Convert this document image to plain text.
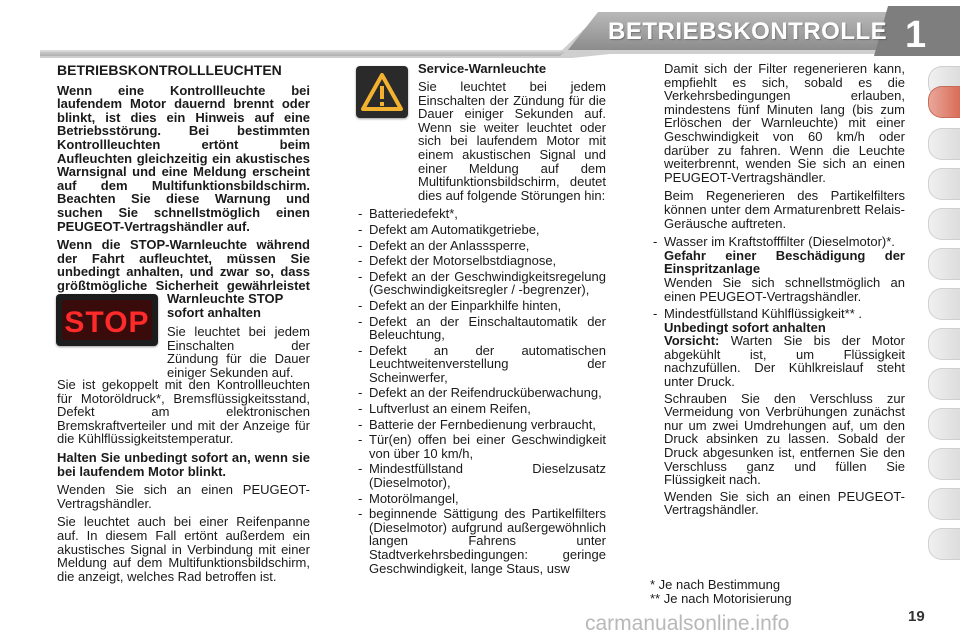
BETRIEBSKONTROLLE 1
BETRIEBSKONTROLLLEUCHTEN

Wenn eine Kontrollleuchte bei laufendem Motor dauernd brennt oder blinkt, ist dies ein Hinweis auf eine Betriebsstörung. Bei bestimmten Kontrollleuchten ertönt beim Aufleuchten gleichzeitig ein akustisches Warnsignal und eine Meldung erscheint auf dem Multifunktionsbildschirm. Beachten Sie diese Warnung und suchen Sie schnellstmöglich einen PEUGEOT-Vertragshändler auf.

Wenn die STOP-Warnleuchte während der Fahrt aufleuchtet, müssen Sie unbedingt anhalten, und zwar so, dass größtmögliche Sicherheit gewährleistet

STOP
Warnleuchte STOP sofort anhalten

Sie leuchtet bei jedem Einschalten der Zündung für die Dauer einiger Sekunden auf.

Sie ist gekoppelt mit den Kontrollleuchten für Motoröldruck*, Bremsflüssigkeitsstand, Defekt am elektronischen Bremskraftverteiler und mit der Anzeige für die Kühlflüssigkeitstemperatur.

Halten Sie unbedingt sofort an, wenn sie bei laufendem Motor blinkt.

Wenden Sie sich an einen PEUGEOT-Vertragshändler.

Sie leuchtet auch bei einer Reifenpanne auf. In diesem Fall ertönt außerdem ein akustisches Signal in Verbindung mit einer Meldung auf dem Multifunktionsbildschirm, die anzeigt, welches Rad betroffen ist.

Service-Warnleuchte

Sie leuchtet bei jedem Einschalten der Zündung für die Dauer einiger Sekunden auf. Wenn sie weiter leuchtet oder sich bei laufendem Motor mit einem akustischen Signal und einer Meldung auf dem Multifunktionsbildschirm, deutet dies auf folgende Störungen hin:

- Batteriedefekt*,
- Defekt am Automatikgetriebe,
- Defekt an der Anlasssperre,
- Defekt der Motorselbstdiagnose,
- Defekt an der Geschwindigkeitsregelung (Geschwindigkeitsregler / -begrenzer),
- Defekt an der Einparkhilfe hinten,
- Defekt an der Einschaltautomatik der Beleuchtung,
- Defekt an der automatischen Leuchtweitenverstellung der Scheinwerfer,
- Defekt an der Reifendrucküberwachung,
- Luftverlust an einem Reifen,
- Batterie der Fernbedienung verbraucht,
- Tür(en) offen bei einer Geschwindigkeit von über 10 km/h,
- Mindestfüllstand Dieselzusatz (Dieselmotor),
- Motorölmangel,
- beginnende Sättigung des Partikelfilters (Dieselmotor) aufgrund außergewöhnlich langen Fahrens unter Stadtverkehrsbedingungen: geringe Geschwindigkeit, lange Staus, usw

Damit sich der Filter regenerieren kann, empfiehlt es sich, sobald es die Verkehrsbedingungen erlauben, mindestens fünf Minuten lang (bis zum Erlöschen der Warnleuchte) mit einer Geschwindigkeit von 60 km/h oder darüber zu fahren. Wenn die Leuchte weiterbrennt, wenden Sie sich an einen PEUGEOT-Vertragshändler.

Beim Regenerieren des Partikelfilters können unter dem Armaturenbrett Relais-Geräusche auftreten.

- Wasser im Kraftstofffilter (Dieselmotor)*.
Gefahr einer Beschädigung der Einspritzanlage
Wenden Sie sich schnellstmöglich an einen PEUGEOT-Vertragshändler.
- Mindestfüllstand Kühlflüssigkeit** .
Unbedingt sofort anhalten
Vorsicht: Warten Sie bis der Motor abgekühlt ist, um Flüssigkeit nachzufüllen. Der Kühlkreislauf steht unter Druck.
Schrauben Sie den Verschluss zur Vermeidung von Verbrühungen zunächst nur um zwei Umdrehungen auf, um den Druck absinken zu lassen. Sobald der Druck abgesunken ist, entfernen Sie den Verschluss ganz und füllen Sie Flüssigkeit nach.
Wenden Sie sich an einen PEUGEOT-Vertragshändler.
* Je nach Bestimmung
** Je nach Motorisierung
carmanualsonline.info	19
